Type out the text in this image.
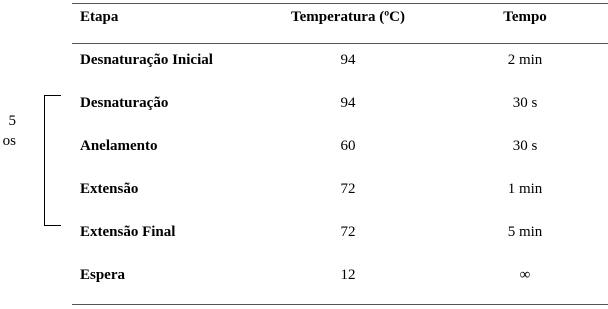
Etapa	Temperatura (ºC)	Tempo
Desnaturação Inicial	94	2 min
Desnaturação	94	30 s
Anelamento	60	30 s
Extensão	72	1 min
Extensão Final	72	5 min
Espera	12	∞
5
os
